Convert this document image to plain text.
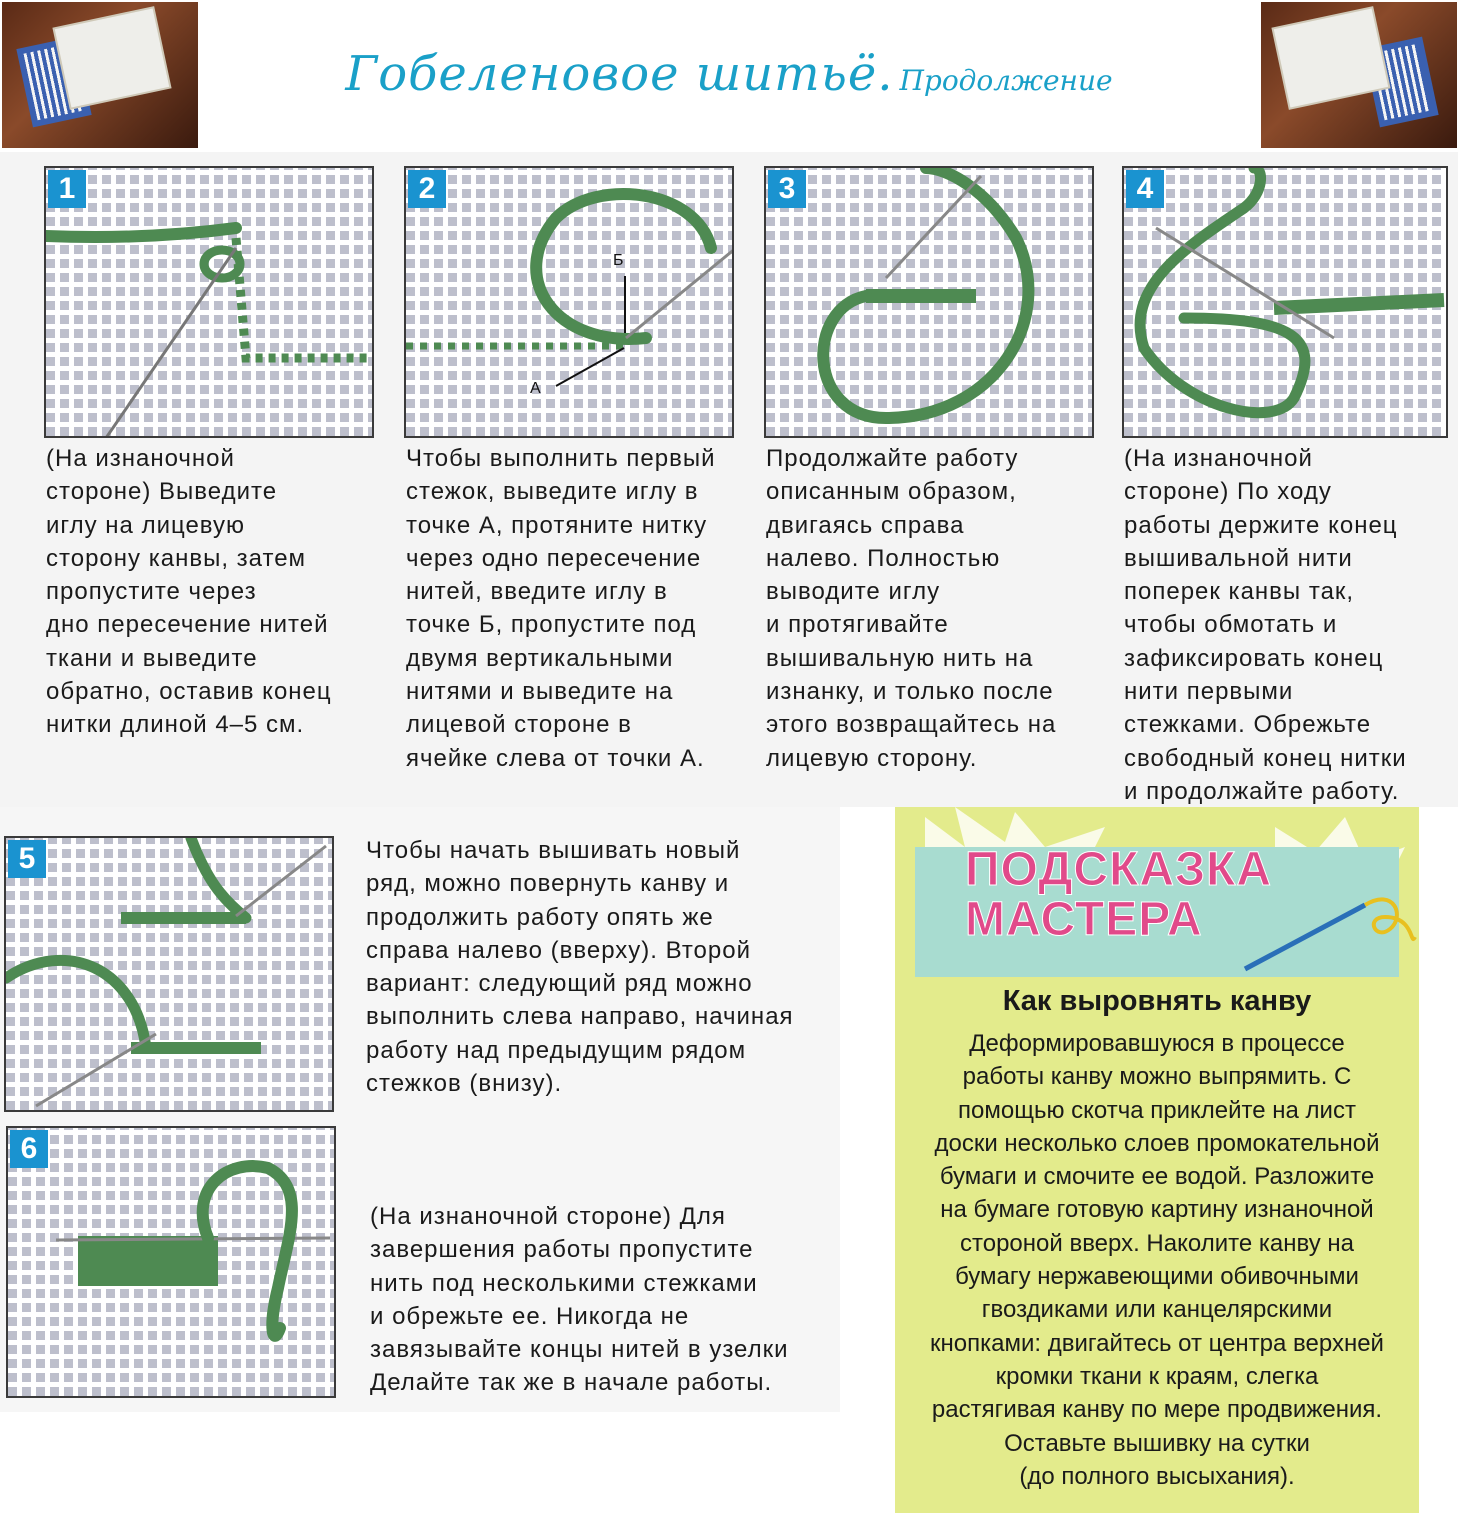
Гобеленовое шитьё. Продолжение
1
(На изнаночной
стороне) Выведите
иглу на лицевую
сторону канвы, затем
пропустите через
дно пересечение нитей
ткани и выведите
обратно, оставив конец
нитки длиной 4–5 см.
2
Б
А
Чтобы выполнить первый
стежок, выведите иглу в
точке А, протяните нитку
через одно пересечение
нитей, введите иглу в
точке Б, пропустите под
двумя вертикальными
нитями и выведите на
лицевой стороне в
ячейке слева от точки А.
3
Продолжайте работу
описанным образом,
двигаясь справа
налево. Полностью
выводите иглу
и протягивайте
вышивальную нить на
изнанку, и только после
этого возвращайтесь на
лицевую сторону.
4
(На изнаночной
стороне) По ходу
работы держите конец
вышивальной нити
поперек канвы так,
чтобы обмотать и
зафиксировать конец
нити первыми
стежками. Обрежьте
свободный конец нитки
и продолжайте работу.
5	Чтобы начать вышивать новый
ряд, можно повернуть канву и
продолжить работу опять же
справа налево (вверху). Второй
вариант: следующий ряд можно
выполнить слева направо, начиная
работу над предыдущим рядом
стежков (внизу).
6
(На изнаночной стороне) Для
завершения работы пропустите
нить под несколькими стежками
и обрежьте ее. Никогда не
завязывайте концы нитей в узелки
Делайте так же в начале работы.
ПОДСКАЗКА
МАСТЕРА
Как выровнять канву
Деформировавшуюся в процессе
работы канву можно выпрямить. С
помощью скотча приклейте на лист
доски несколько слоев промокательной
бумаги и смочите ее водой. Разложите
на бумаге готовую картину изнаночной
стороной вверх. Наколите канву на
бумагу нержавеющими обивочными
гвоздиками или канцелярскими
кнопками: двигайтесь от центра верхней
кромки ткани к краям, слегка
растягивая канву по мере продвижения.
Оставьте вышивку на сутки
(до полного высыхания).
